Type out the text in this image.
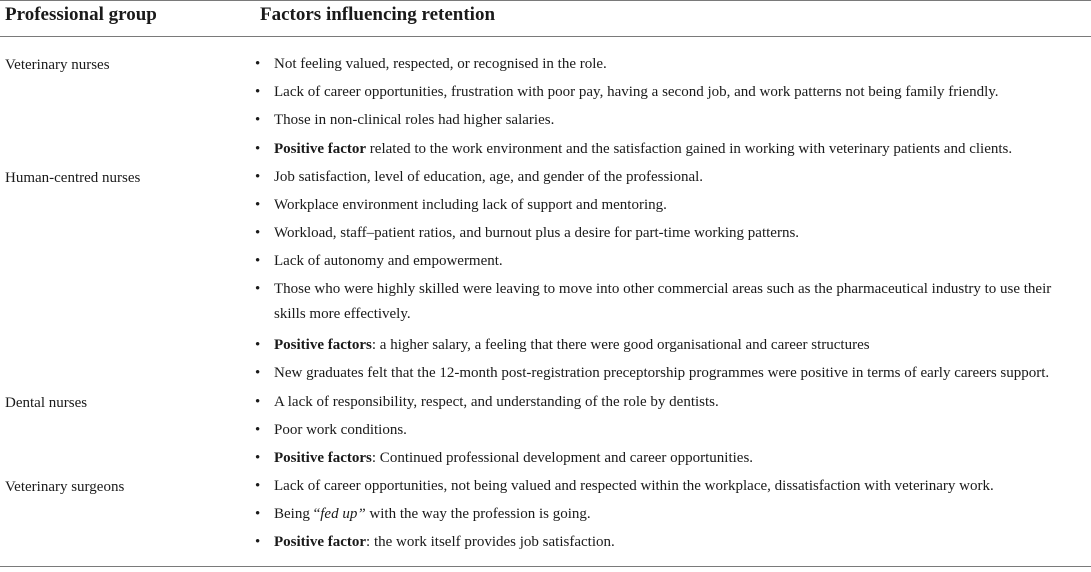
Professional group	Factors influencing retention
Veterinary nurses	• Not feeling valued, respected, or recognised in the role.
• Lack of career opportunities, frustration with poor pay, having a second job, and work patterns not being family friendly.
• Those in non-clinical roles had higher salaries.
• Positive factor related to the work environment and the satisfaction gained in working with veterinary patients and clients.
Human-centred nurses	• Job satisfaction, level of education, age, and gender of the professional.
• Workplace environment including lack of support and mentoring.
• Workload, staff–patient ratios, and burnout plus a desire for part-time working patterns.
• Lack of autonomy and empowerment.
• Those who were highly skilled were leaving to move into other commercial areas such as the pharmaceutical industry to use their
skills more effectively.
• Positive factors: a higher salary, a feeling that there were good organisational and career structures
• New graduates felt that the 12-month post-registration preceptorship programmes were positive in terms of early careers support.
Dental nurses	• A lack of responsibility, respect, and understanding of the role by dentists.
• Poor work conditions.
• Positive factors: Continued professional development and career opportunities.
Veterinary surgeons	• Lack of career opportunities, not being valued and respected within the workplace, dissatisfaction with veterinary work.
• Being “fed up” with the way the profession is going.
• Positive factor: the work itself provides job satisfaction.
